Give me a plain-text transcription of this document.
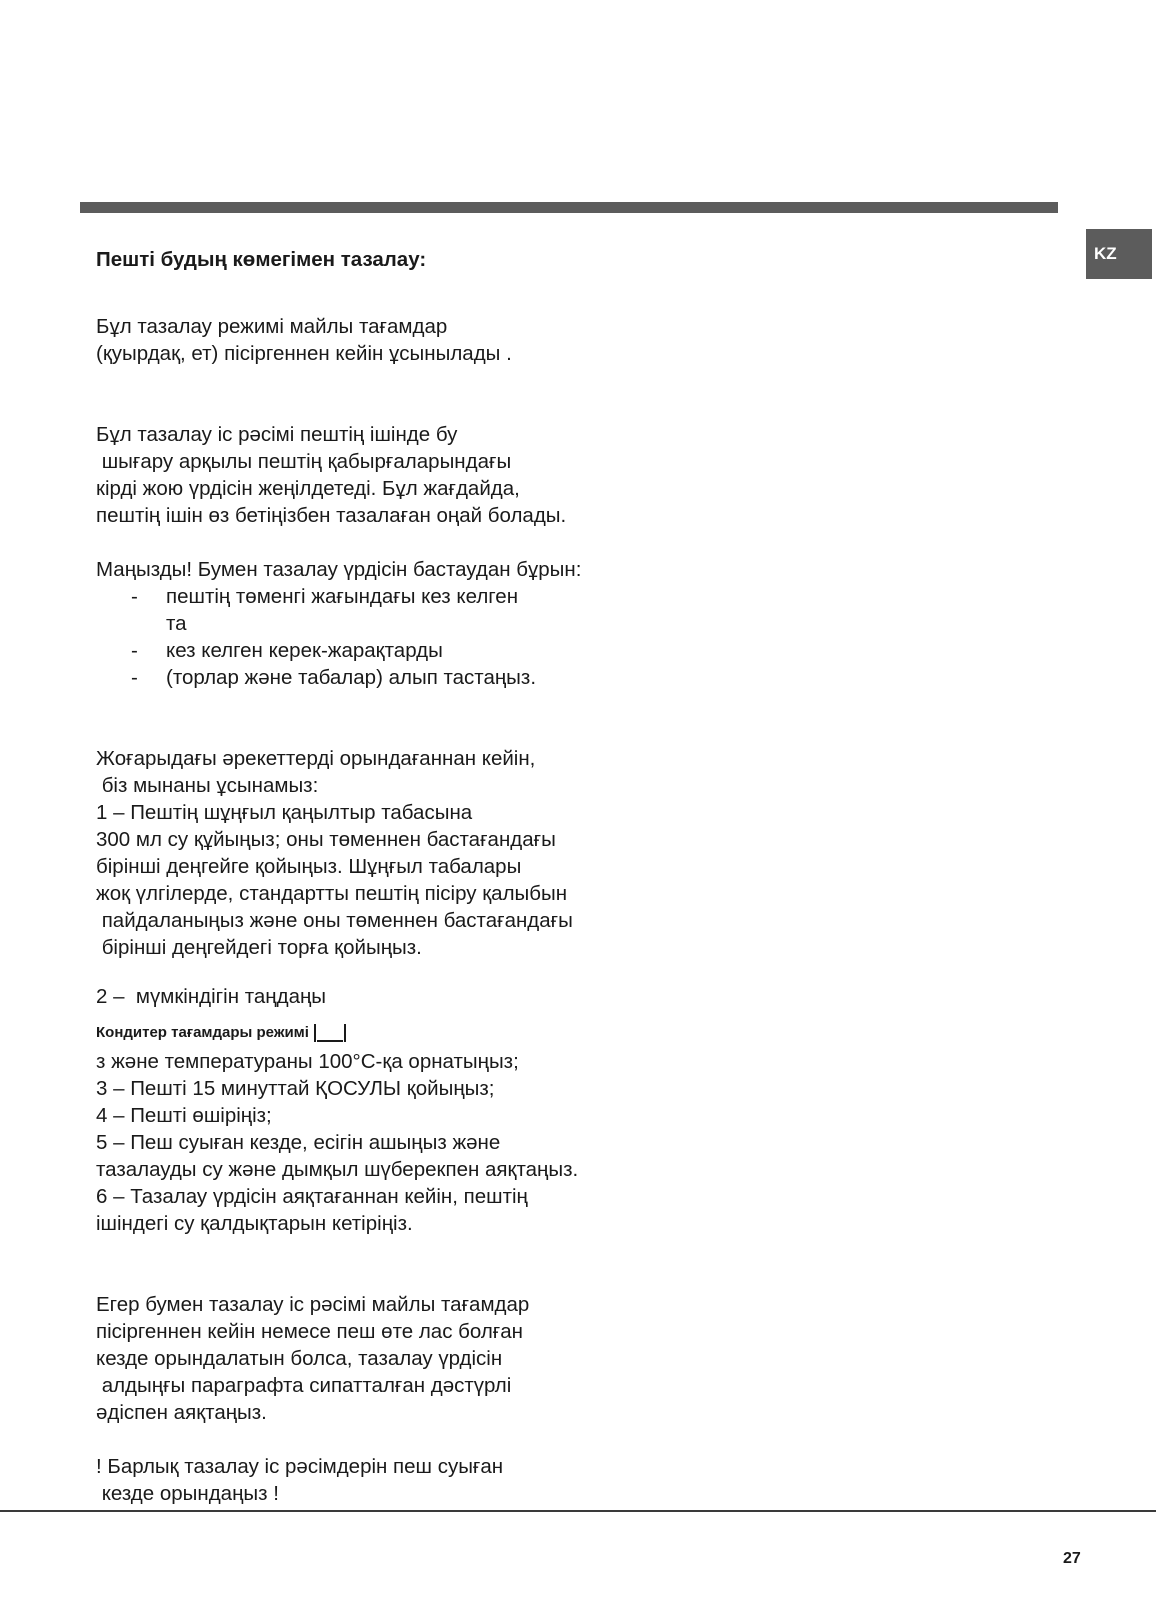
KZ
Пешті будың көмегімен тазалау:
Бұл тазалау режимі майлы тағамдар
(қуырдақ, ет) пісіргеннен кейін ұсынылады .
Бұл тазалау іс рәсімі пештің ішінде бу
шығару арқылы пештің қабырғаларындағы
кірді жою үрдісін жеңілдетеді. Бұл жағдайда,
пештің ішін өз бетіңізбен тазалаған оңай болады.
Маңызды! Бумен тазалау үрдісін бастаудан бұрын:
-	пештің төменгі жағындағы кез келген
та
-	кез келген керек-жарақтарды
-	(торлар және табалар) алып тастаңыз.
Жоғарыдағы әрекеттерді орындағаннан кейін,
біз мынаны ұсынамыз:
1 – Пештің шұңғыл қаңылтыр табасына
300 мл су құйыңыз; оны төменнен бастағандағы
бірінші деңгейге қойыңыз. Шұңғыл табалары
жоқ үлгілерде, стандартты пештің пісіру қалыбын
пайдаланыңыз және оны төменнен бастағандағы
бірінші деңгейдегі торға қойыңыз.
2 –  мүмкіндігін таңдаңы
Кондитер тағамдары режимі
з және температураны 100°С-қа орнатыңыз;
3 – Пешті 15 минуттай ҚОСУЛЫ қойыңыз;
4 – Пешті өшіріңіз;
5 – Пеш суыған кезде, есігін ашыңыз және
тазалауды су және дымқыл шүберекпен аяқтаңыз.
6 – Тазалау үрдісін аяқтағаннан кейін, пештің
ішіндегі су қалдықтарын кетіріңіз.
Егер бумен тазалау іс рәсімі майлы тағамдар
пісіргеннен кейін немесе пеш өте лас болған
кезде орындалатын болса, тазалау үрдісін
алдыңғы параграфта сипатталған дәстүрлі
әдіспен аяқтаңыз.
! Барлық тазалау іс рәсімдерін пеш суыған
кезде орындаңыз !
27
